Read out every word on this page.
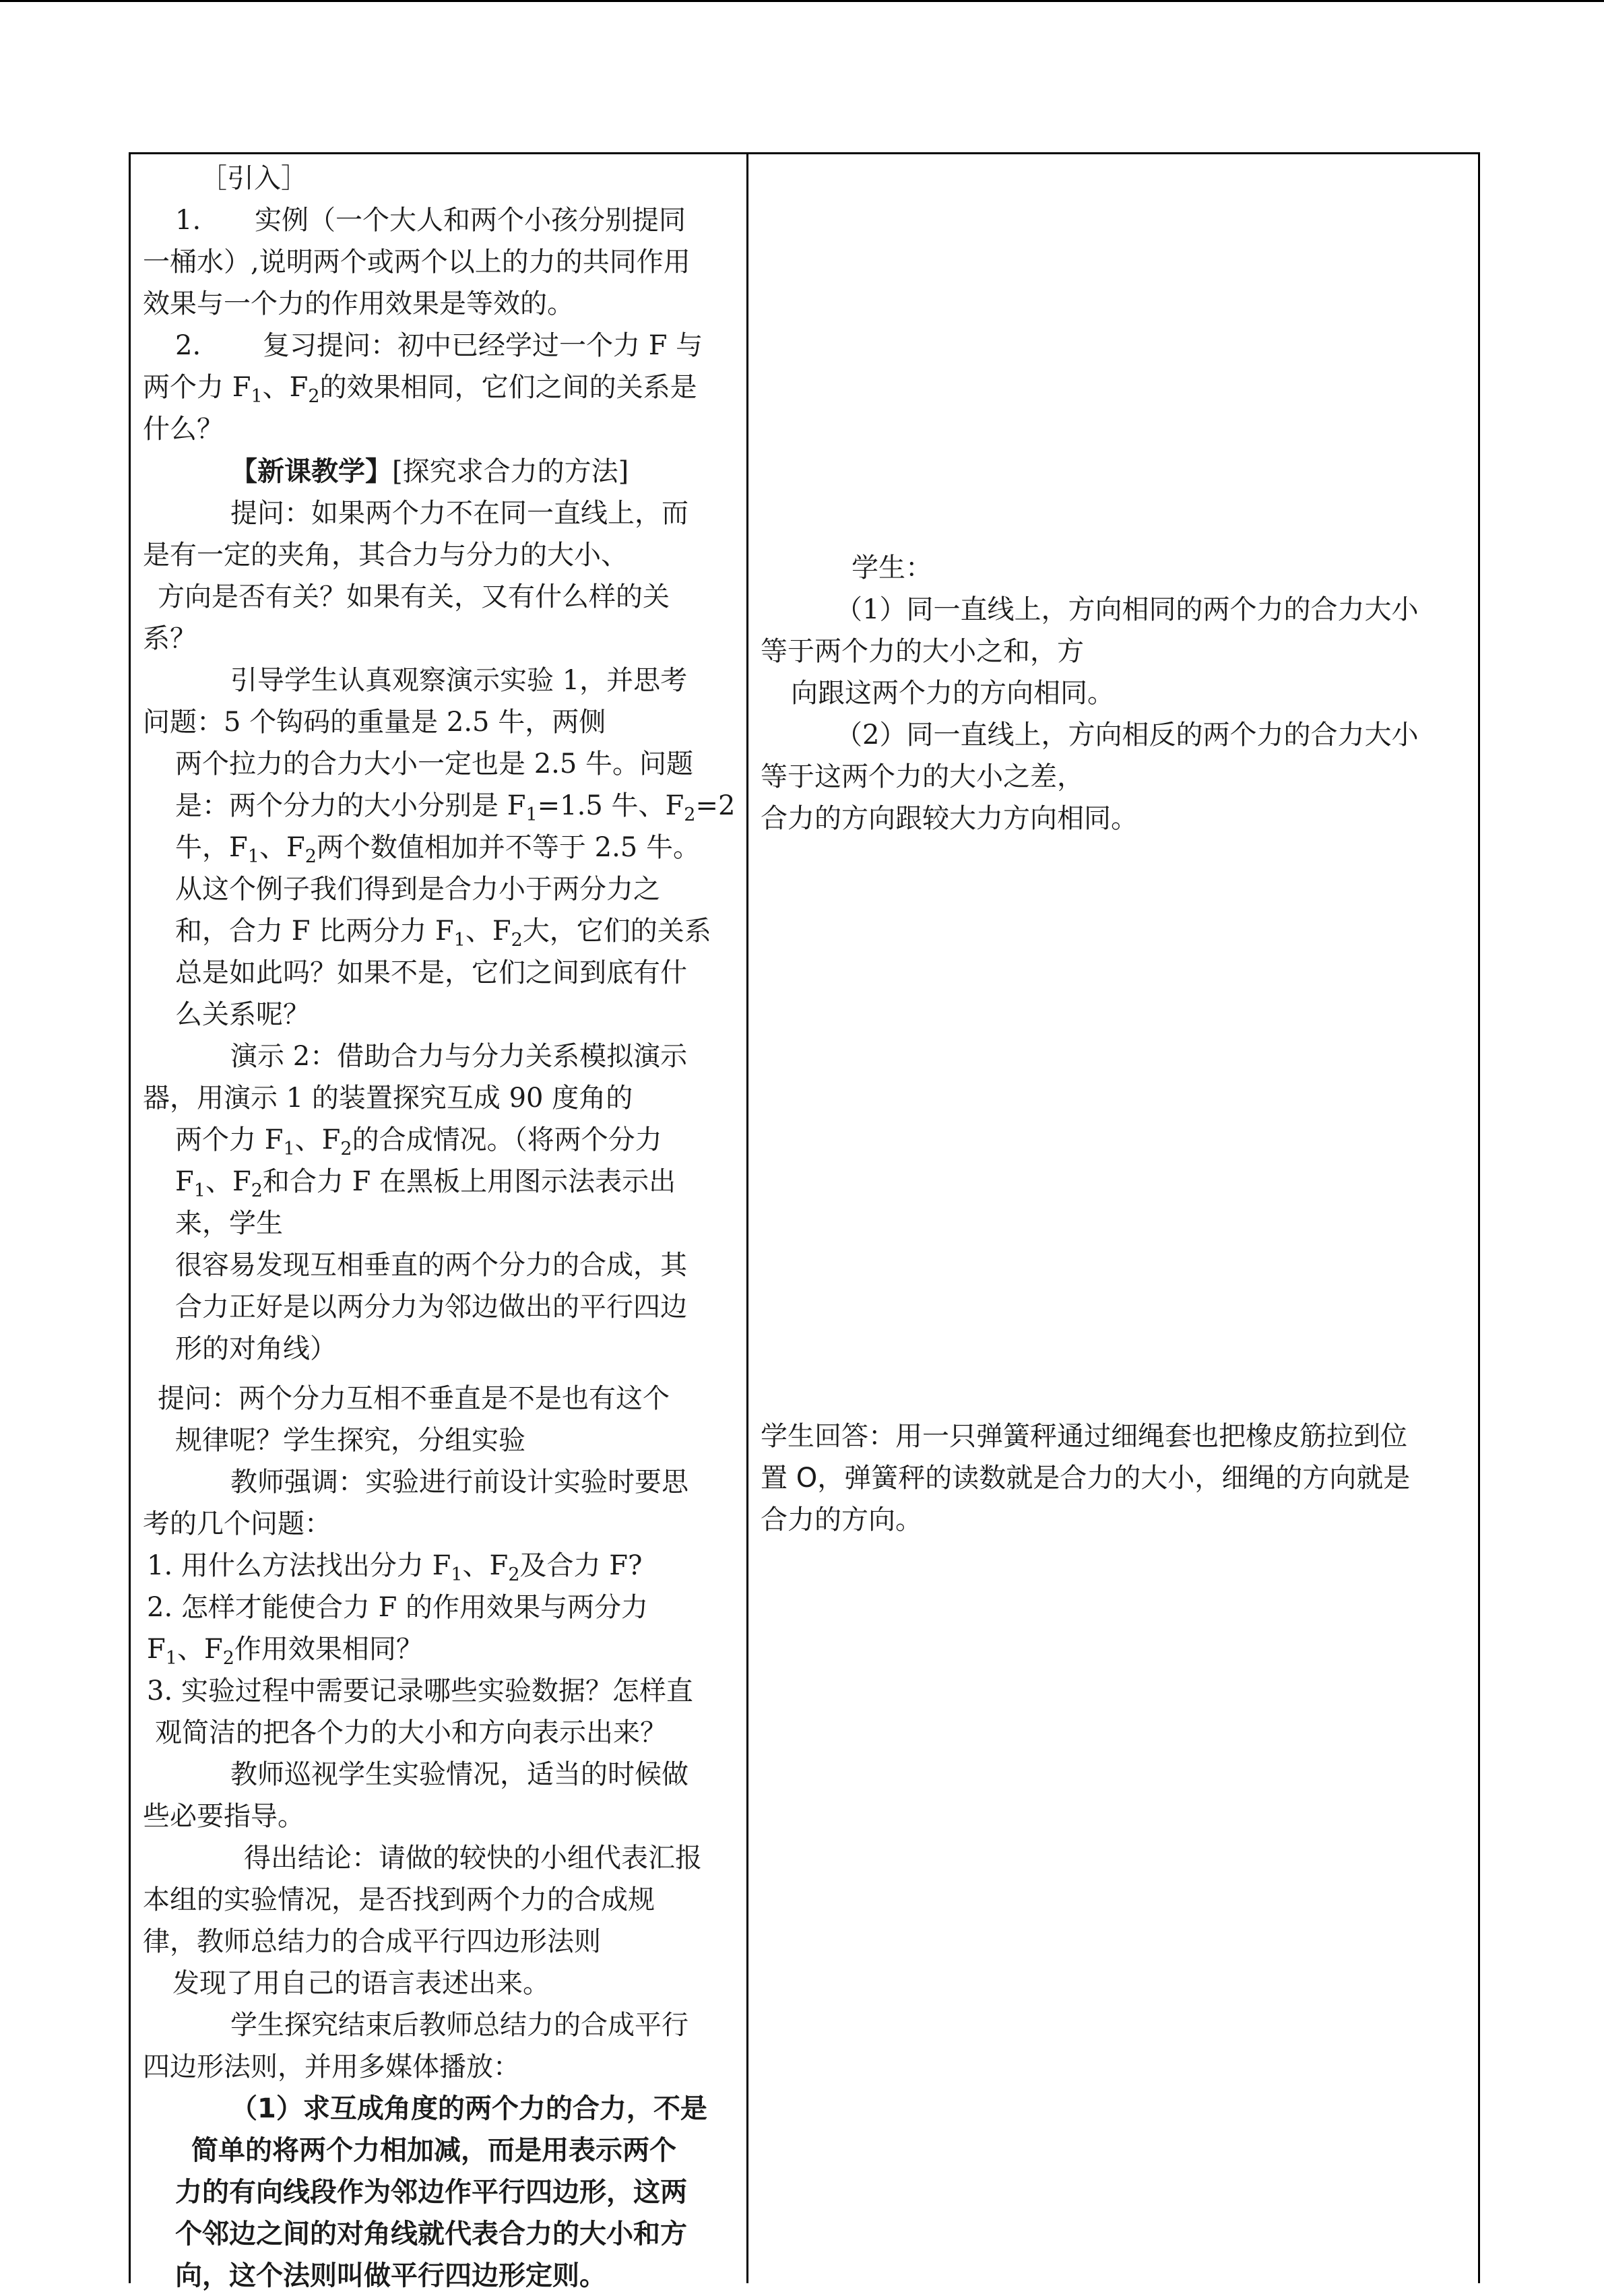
［引入］
1. 实例（一个大人和两个小孩分别提同
一桶水）,说明两个或两个以上的力的共同作用
效果与一个力的作用效果是等效的。
2. 复习提问：初中已经学过一个力 F 与
两个力 $F_1$、$F_2$的效果相同，它们之间的关系是
什么？
【新课教学】[探究求合力的方法]
提问：如果两个力不在同一直线上，而
是有一定的夹角，其合力与分力的大小、
方向是否有关？如果有关，又有什么样的关
系？
引导学生认真观察演示实验 1，并思考
问题：5 个钩码的重量是 2.5 牛，两侧
两个拉力的合力大小一定也是 2.5 牛。问题
是：两个分力的大小分别是 $F_1=1.5$ 牛、$F_2=2$
牛，$F_1$、$F_2$两个数值相加并不等于 2.5 牛。
从这个例子我们得到是合力小于两分力之
和，合力 F 比两分力 $F_1$、$F_2$大，它们的关系
总是如此吗？如果不是，它们之间到底有什
么关系呢？
演示 2：借助合力与分力关系模拟演示
器，用演示 1 的装置探究互成 90 度角的
两个力 $F_1$、$F_2$的合成情况。（将两个分力
$F_1$、$F_2$和合力 F 在黑板上用图示法表示出
来，学生
很容易发现互相垂直的两个分力的合成，其
合力正好是以两分力为邻边做出的平行四边
形的对角线）
提问：两个分力互相不垂直是不是也有这个
规律呢？学生探究，分组实验
教师强调：实验进行前设计实验时要思
考的几个问题：
1. 用什么方法找出分力 $F_1$、$F_2$及合力 F?
2. 怎样才能使合力 F 的作用效果与两分力
$F_1$、$F_2$作用效果相同？
3. 实验过程中需要记录哪些实验数据？怎样直
观简洁的把各个力的大小和方向表示出来？
教师巡视学生实验情况，适当的时候做
些必要指导。
得出结论：请做的较快的小组代表汇报
本组的实验情况，是否找到两个力的合成规
律，教师总结力的合成平行四边形法则
发现了用自己的语言表述出来。
学生探究结束后教师总结力的合成平行
四边形法则，并用多媒体播放：
（1）求互成角度的两个力的合力，不是
简单的将两个力相加减，而是用表示两个
力的有向线段作为邻边作平行四边形，这两
个邻边之间的对角线就代表合力的大小和方
向，这个法则叫做平行四边形定则。
学生：
（1）同一直线上，方向相同的两个力的合力大小
等于两个力的大小之和，方
向跟这两个力的方向相同。
（2）同一直线上，方向相反的两个力的合力大小
等于这两个力的大小之差，
合力的方向跟较大力方向相同。
学生回答：用一只弹簧秤通过细绳套也把橡皮筋拉到位
置 O，弹簧秤的读数就是合力的大小，细绳的方向就是
合力的方向。
